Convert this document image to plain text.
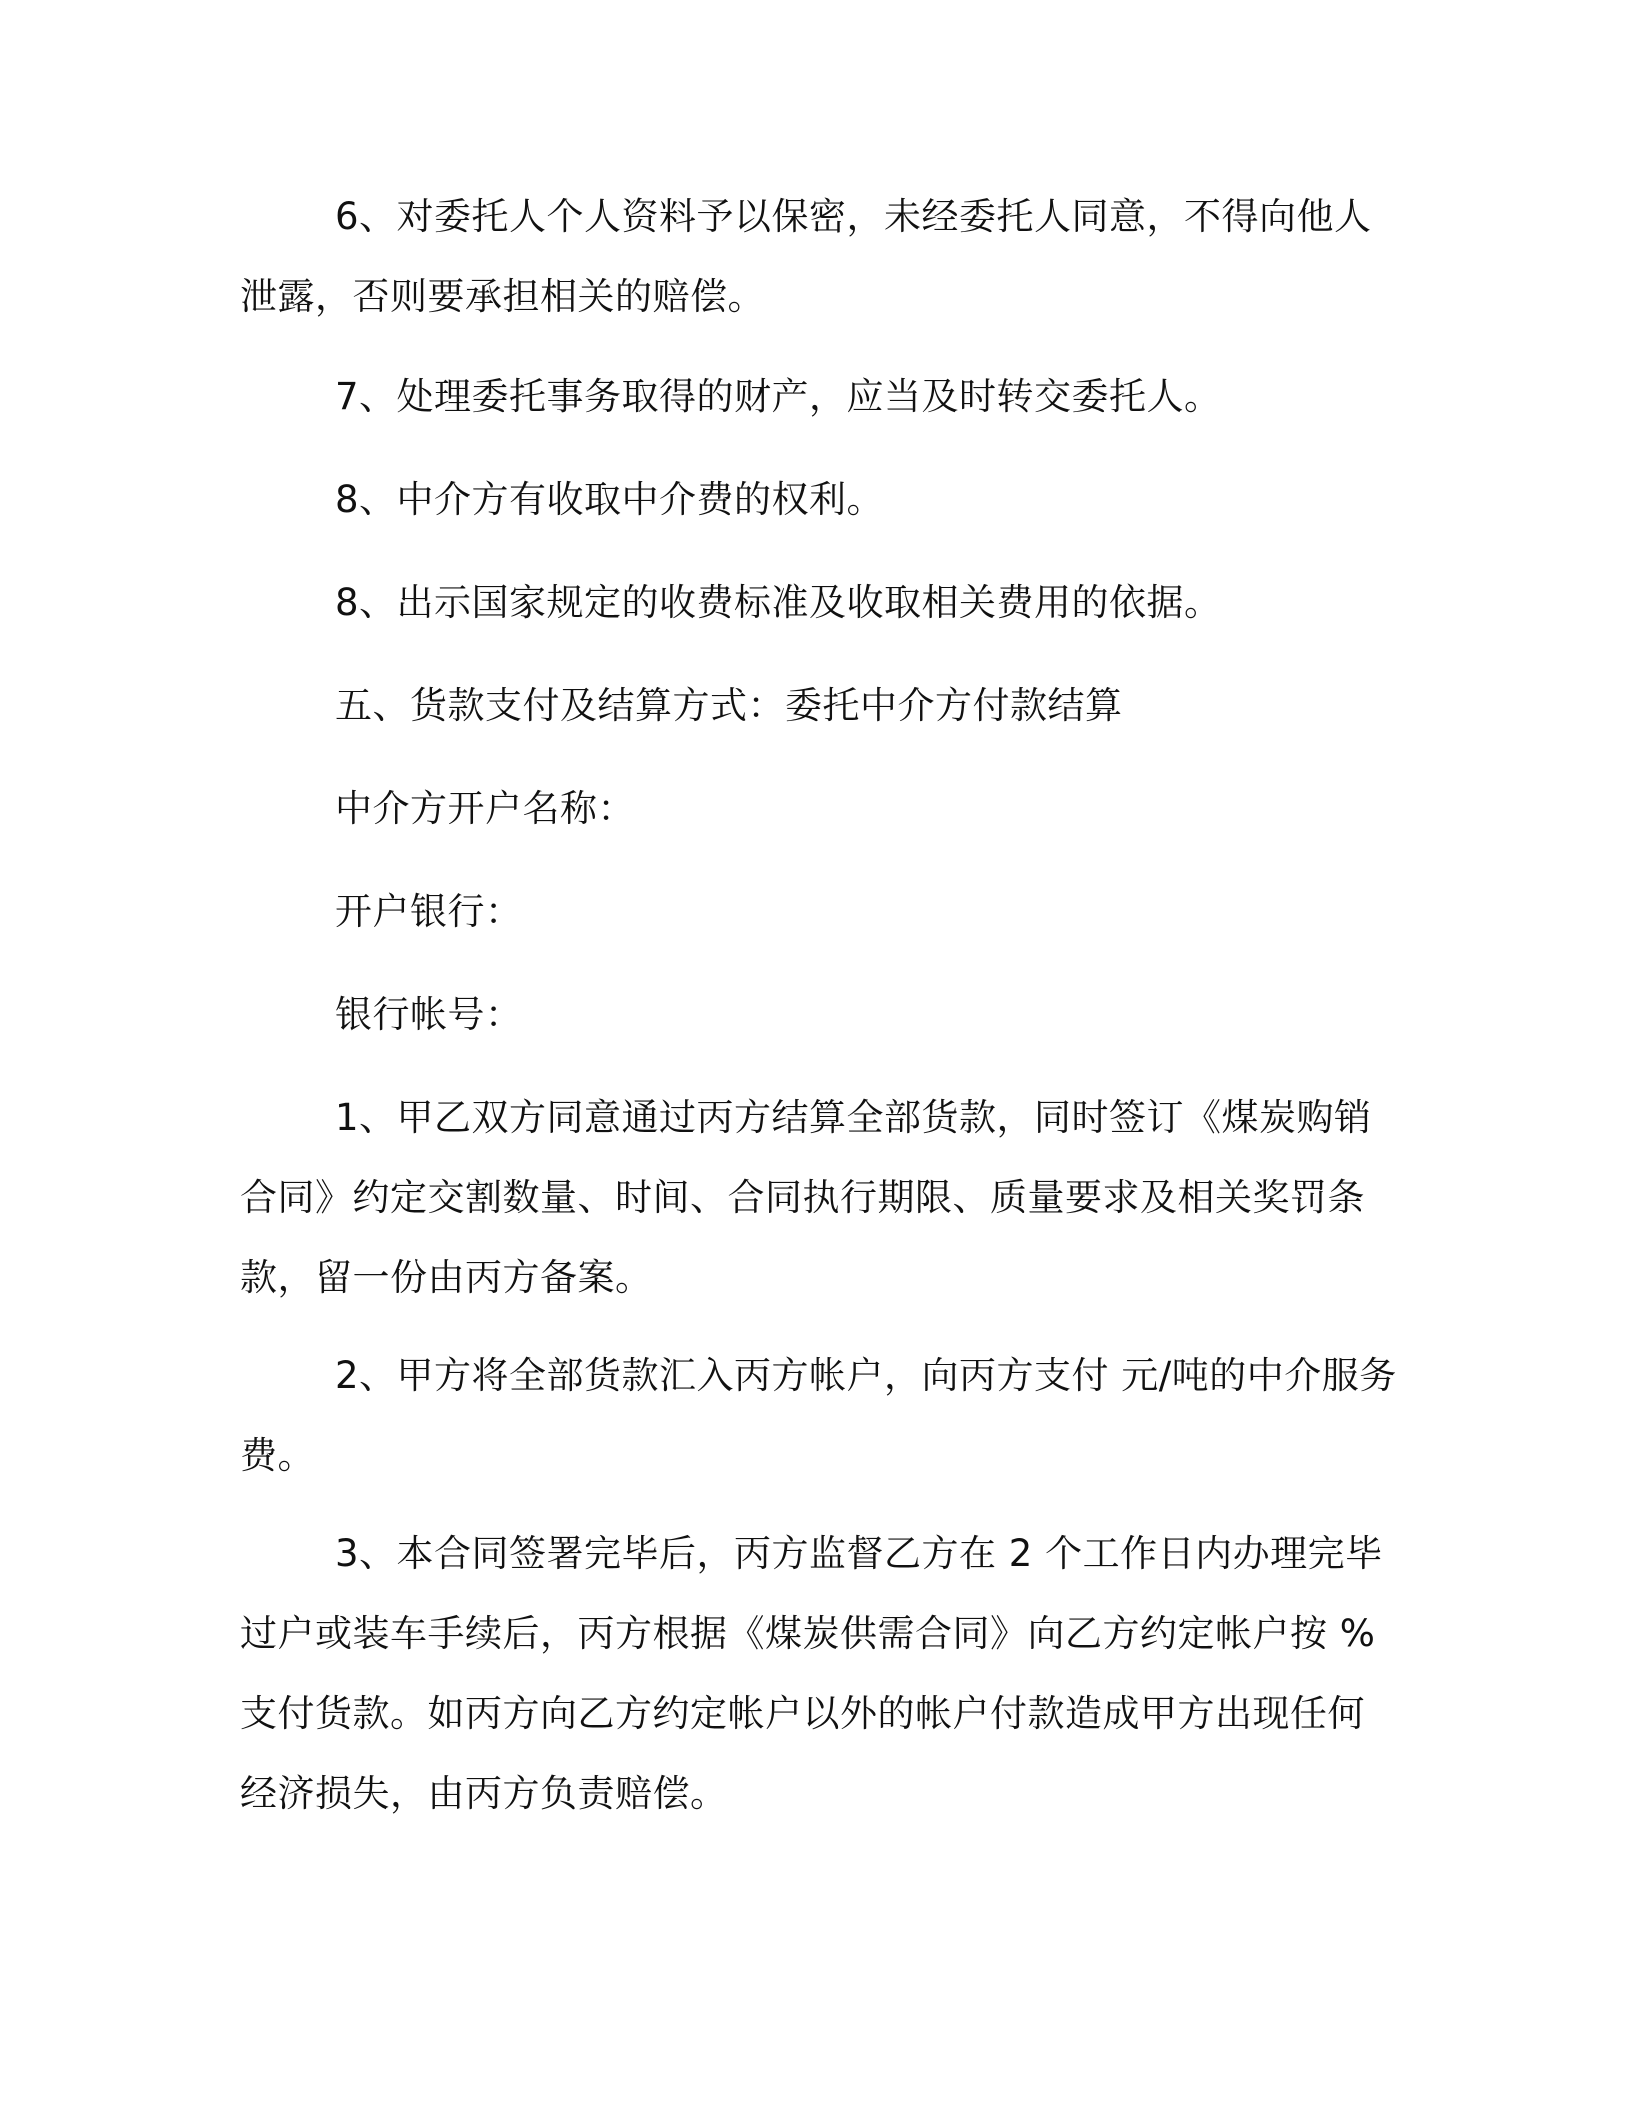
6、对委托人个人资料予以保密，未经委托人同意，不得向他人
泄露，否则要承担相关的赔偿。

7、处理委托事务取得的财产，应当及时转交委托人。

8、中介方有收取中介费的权利。

8、出示国家规定的收费标准及收取相关费用的依据。

五、货款支付及结算方式：委托中介方付款结算

中介方开户名称：

开户银行：

银行帐号：

1、甲乙双方同意通过丙方结算全部货款，同时签订《煤炭购销
合同》约定交割数量、时间、合同执行期限、质量要求及相关奖罚条
款，留一份由丙方备案。

2、甲方将全部货款汇入丙方帐户，向丙方支付 元/吨的中介服务
费。

3、本合同签署完毕后，丙方监督乙方在 2 个工作日内办理完毕
过户或装车手续后，丙方根据《煤炭供需合同》向乙方约定帐户按 %
支付货款。如丙方向乙方约定帐户以外的帐户付款造成甲方出现任何
经济损失，由丙方负责赔偿。
